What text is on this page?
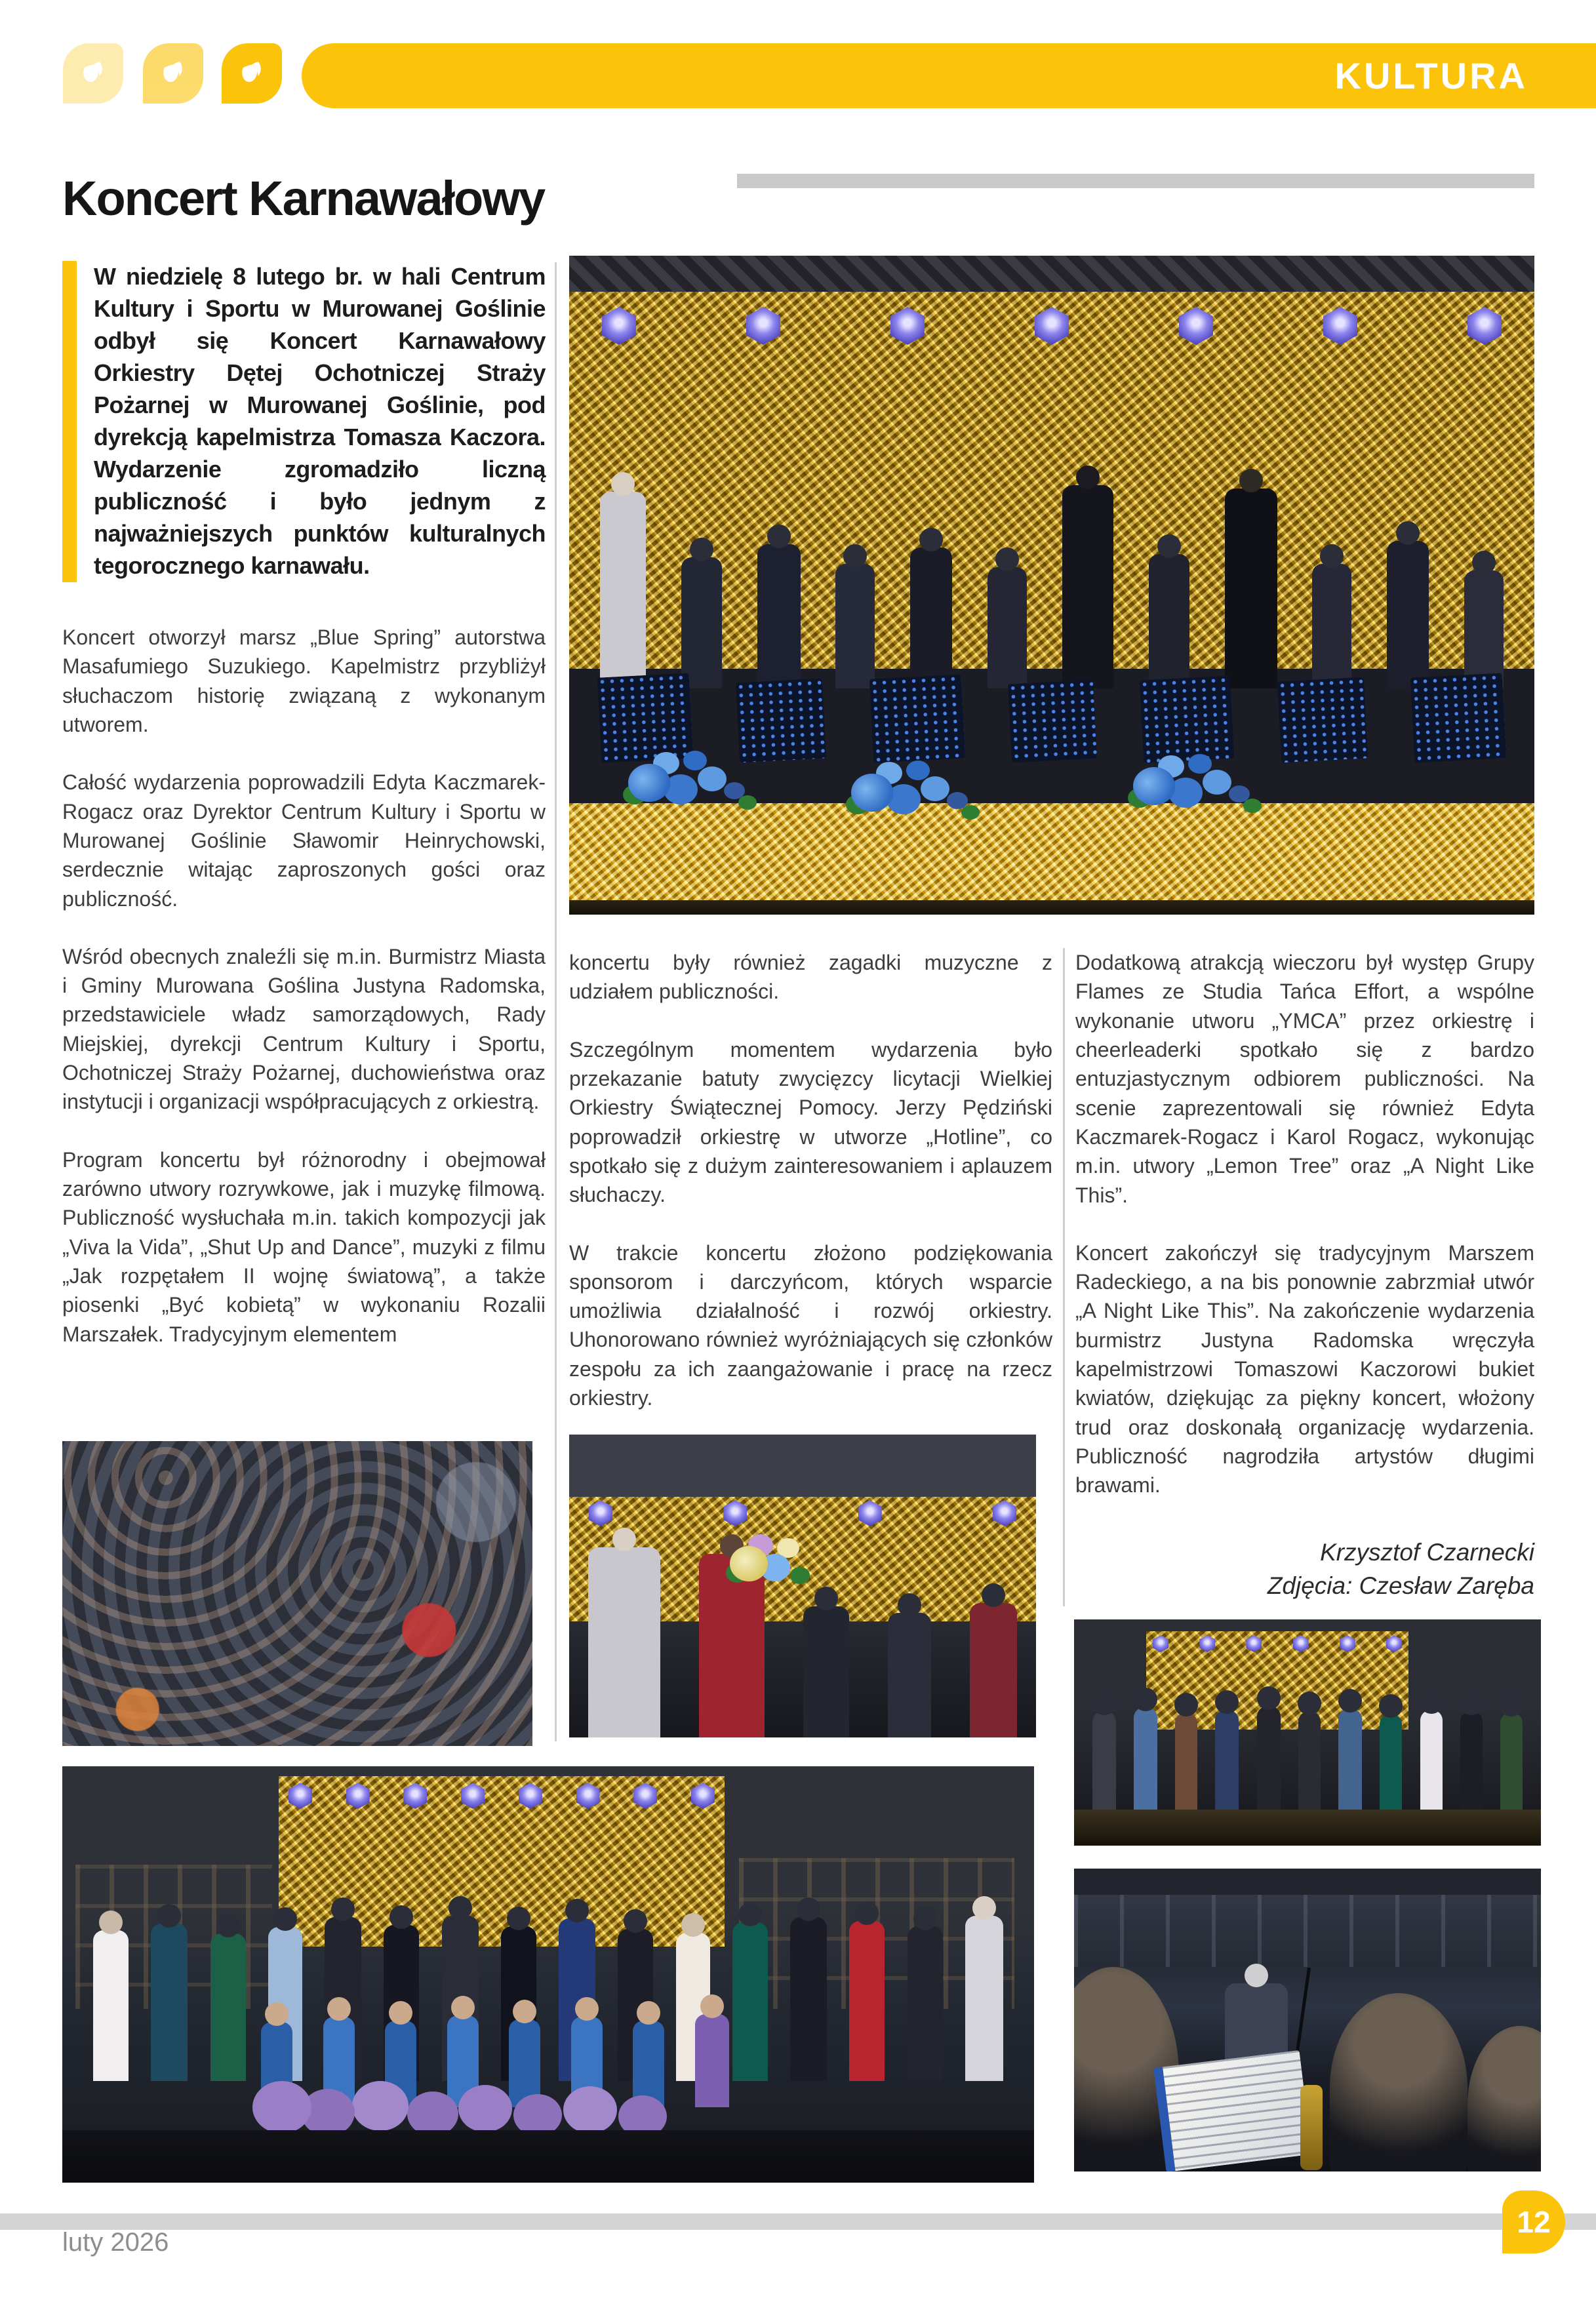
KULTURA
Koncert Karnawałowy
W niedzielę 8 lutego br. w hali Centrum Kultury i Sportu w Murowanej Goślinie odbył się Koncert Karnawałowy Orkiestry Dętej Ochotniczej Straży Pożarnej w Murowanej Goślinie, pod dyrekcją kapelmistrza Tomasza Kaczora. Wydarzenie zgromadziło liczną publiczność i było jednym z najważniejszych punktów kulturalnych tegorocznego karnawału.

Koncert otworzył marsz „Blue Spring” autorstwa Masafumiego Suzukiego. Kapelmistrz przybliżył słuchaczom historię związaną z wykonanym utworem.

Całość wydarzenia poprowadzili Edyta Kaczmarek-Rogacz oraz Dyrektor Centrum Kultury i Sportu w Murowanej Goślinie Sławomir Heinrychowski, serdecznie witając zaproszonych gości oraz publiczność.

Wśród obecnych znaleźli się m.in. Burmistrz Miasta i Gminy Murowana Goślina Justyna Radomska, przedstawiciele władz samorządowych, Rady Miejskiej, dyrekcji Centrum Kultury i Sportu, Ochotniczej Straży Pożarnej, duchowieństwa oraz instytucji i organizacji współpracujących z orkiestrą.

Program koncertu był różnorodny i obejmował zarówno utwory rozrywkowe, jak i muzykę filmową. Publiczność wysłuchała m.in. takich kompozycji jak „Viva la Vida”, „Shut Up and Dance”, muzyki z filmu „Jak rozpętałem II wojnę światową”, a także piosenki „Być kobietą” w wykonaniu Rozalii Marszałek. Tradycyjnym elementem

koncertu były również zagadki muzyczne z udziałem publiczności.

Szczególnym momentem wydarzenia było przekazanie batuty zwycięzcy licytacji Wielkiej Orkiestry Świątecznej Pomocy. Jerzy Pędziński poprowadził orkiestrę w utworze „Hotline”, co spotkało się z dużym zainteresowaniem i aplauzem słuchaczy.

W trakcie koncertu złożono podziękowania sponsorom i darczyńcom, których wsparcie umożliwia działalność i rozwój orkiestry. Uhonorowano również wyróżniających się członków zespołu za ich zaangażowanie i pracę na rzecz orkiestry.

Dodatkową atrakcją wieczoru był występ Grupy Flames ze Studia Tańca Effort, a wspólne wykonanie utworu „YMCA” przez orkiestrę i cheerleaderki spotkało się z bardzo entuzjastycznym odbiorem publiczności. Na scenie zaprezentowali się również Edyta Kaczmarek-Rogacz i Karol Rogacz, wykonując m.in. utwory „Lemon Tree” oraz „A Night Like This”.

Koncert zakończył się tradycyjnym Marszem Radeckiego, a na bis ponownie zabrzmiał utwór „A Night Like This”. Na zakończenie wydarzenia burmistrz Justyna Radomska wręczyła kapelmistrzowi Tomaszowi Kaczorowi bukiet kwiatów, dziękując za piękny koncert, włożony trud oraz doskonałą organizację wydarzenia. Publiczność nagrodziła artystów długimi brawami.

Krzysztof Czarnecki
Zdjęcia: Czesław Zaręba
luty 2026
12
